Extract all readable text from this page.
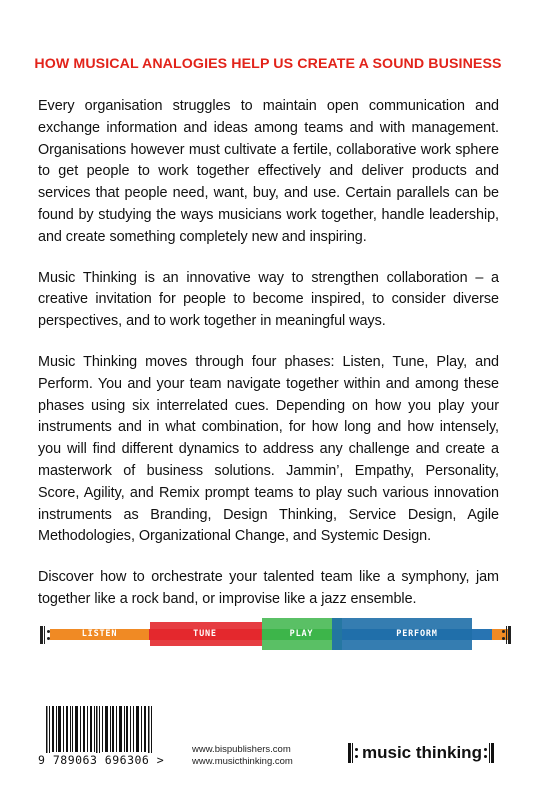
HOW MUSICAL ANALOGIES HELP US CREATE A SOUND BUSINESS

Every organisation struggles to maintain open communication and exchange information and ideas among teams and with management. Organisations however must cultivate a fertile, collaborative work sphere to get people to work together effectively and deliver products and services that people need, want, buy, and use. Certain parallels can be found by studying the ways musicians work together, handle leadership, and create something completely new and inspiring.

Music Thinking is an innovative way to strengthen collaboration – a creative invitation for people to become inspired, to consider diverse perspectives, and to work together in meaningful ways.

Music Thinking moves through four phases: Listen, Tune, Play, and Perform. You and your team navigate together within and among these phases using six interrelated cues. Depending on how you play your instruments and in what combination, for how long and how intensely, you will find different dynamics to address any challenge and create a masterwork of business solutions. Jammin’, Empathy, Personality, Score, Agility, and Remix prompt teams to play such various innovation instruments as Branding, Design Thinking, Service Design, Agile Methodologies, Organizational Change, and Systemic Design.

Discover how to orchestrate your talented team like a symphony, jam together like a rock band, or improvise like a jazz ensemble.

LISTEN	TUNE	PLAY	PERFORM
9 789063 696306 >
www.bispublishers.com
www.musicthinking.com	music thinking
